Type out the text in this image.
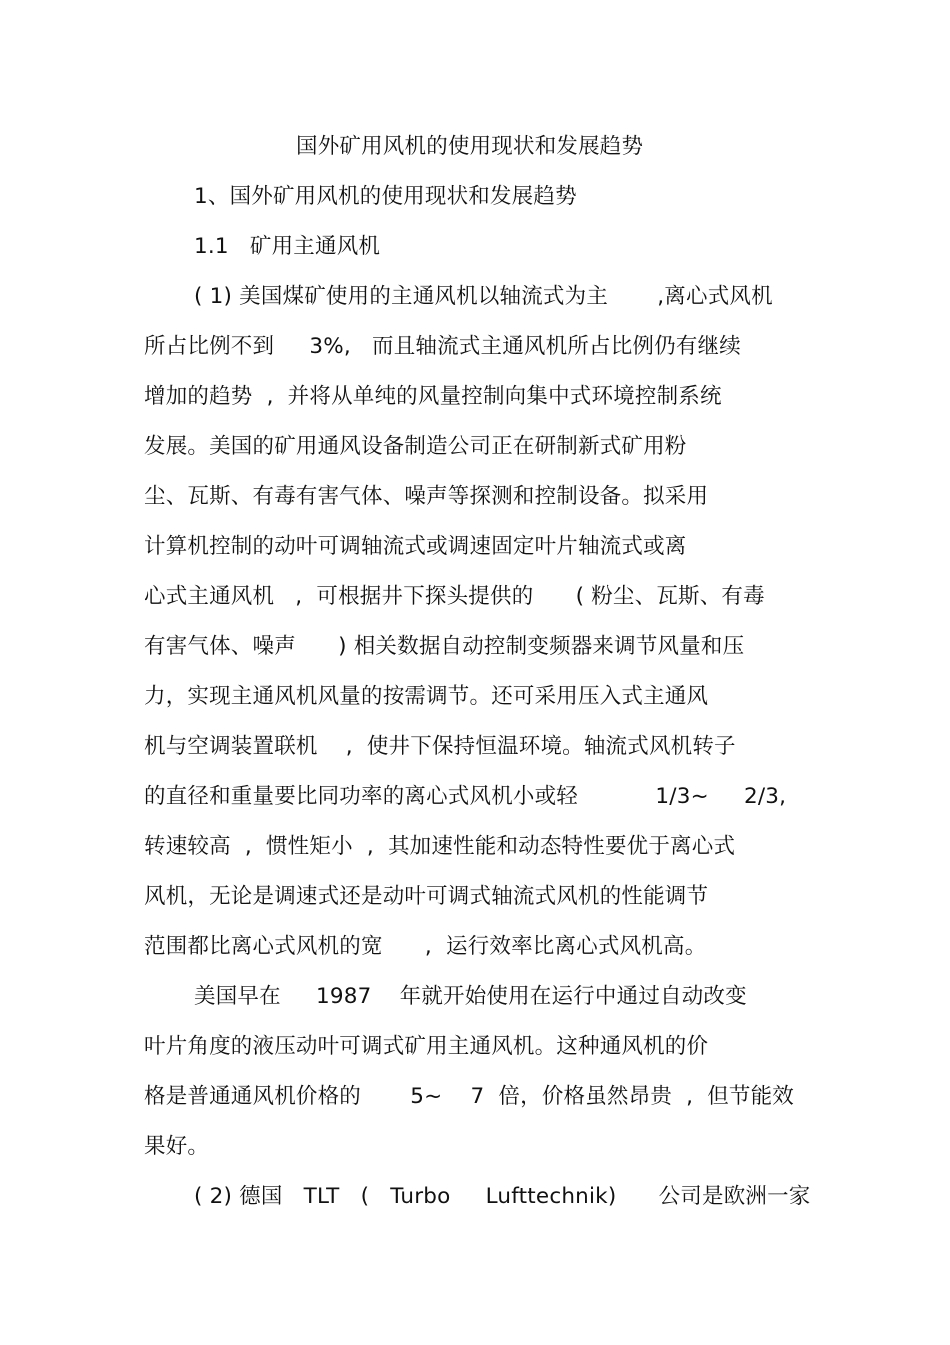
国外矿用风机的使用现状和发展趋势
1、国外矿用风机的使用现状和发展趋势
1.1   矿用主通风机
( 1) 美国煤矿使用的主通风机以轴流式为主       ,离心式风机
所占比例不到     3%,   而且轴流式主通风机所占比例仍有继续
增加的趋势  ,  并将从单纯的风量控制向集中式环境控制系统
发展。美国的矿用通风设备制造公司正在研制新式矿用粉
尘、瓦斯、有毒有害气体、噪声等探测和控制设备。拟采用
计算机控制的动叶可调轴流式或调速固定叶片轴流式或离
心式主通风机   ,  可根据井下探头提供的      ( 粉尘、瓦斯、有毒
有害气体、噪声      ) 相关数据自动控制变频器来调节风量和压
力，实现主通风机风量的按需调节。还可采用压入式主通风
机与空调装置联机    ,  使井下保持恒温环境。轴流式风机转子
的直径和重量要比同功率的离心式风机小或轻           1/3~     2/3,
转速较高  ,  惯性矩小  ,  其加速性能和动态特性要优于离心式
风机，无论是调速式还是动叶可调式轴流式风机的性能调节
范围都比离心式风机的宽      ,  运行效率比离心式风机高。
美国早在     1987    年就开始使用在运行中通过自动改变
叶片角度的液压动叶可调式矿用主通风机。这种通风机的价
格是普通通风机价格的       5~    7  倍，价格虽然昂贵  ,  但节能效
果好。
( 2) 德国   TLT   (   Turbo     Lufttechnik)      公司是欧洲一家
